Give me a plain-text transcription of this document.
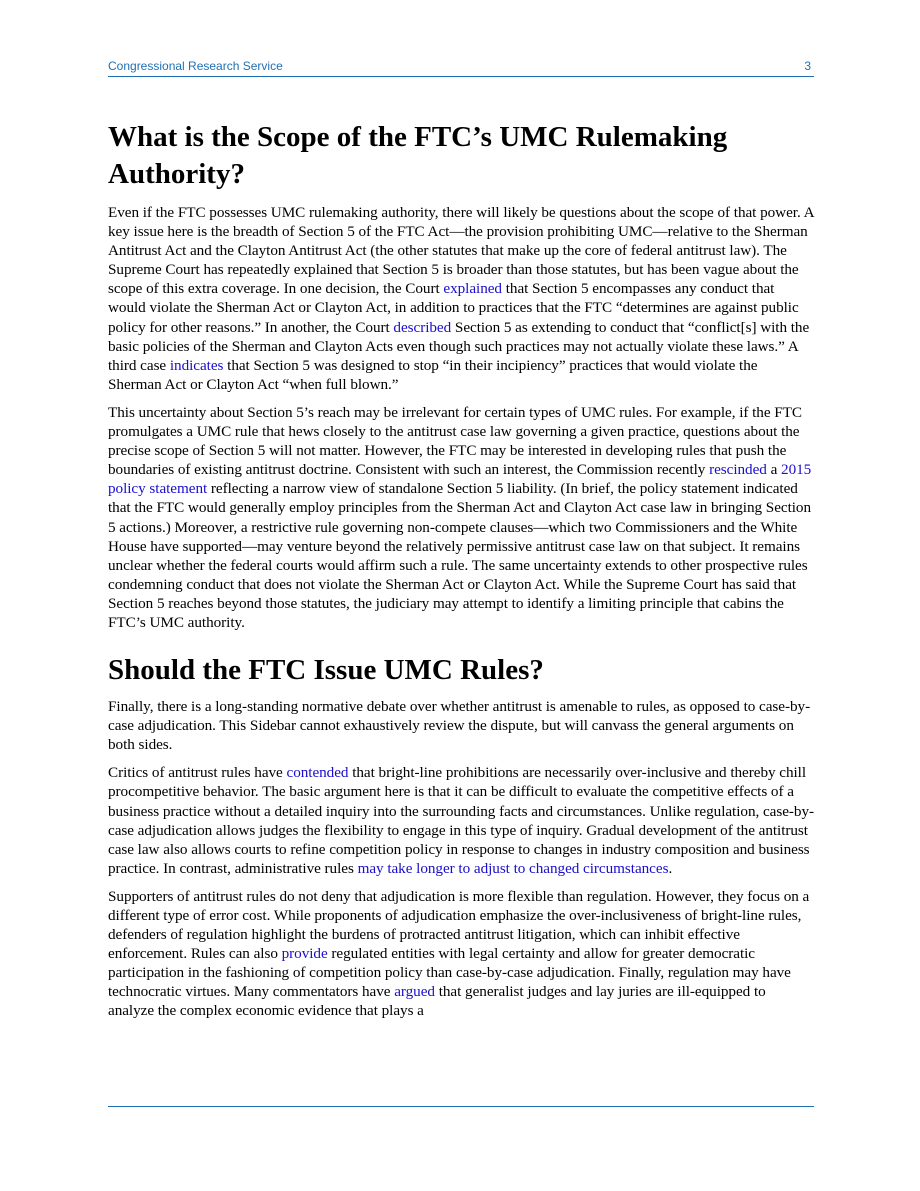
Congressional Research Service	3
What is the Scope of the FTC’s UMC Rulemaking Authority?

Even if the FTC possesses UMC rulemaking authority, there will likely be questions about the scope of that power. A key issue here is the breadth of Section 5 of the FTC Act—the provision prohibiting UMC—relative to the Sherman Antitrust Act and the Clayton Antitrust Act (the other statutes that make up the core of federal antitrust law). The Supreme Court has repeatedly explained that Section 5 is broader than those statutes, but has been vague about the scope of this extra coverage. In one decision, the Court explained that Section 5 encompasses any conduct that would violate the Sherman Act or Clayton Act, in addition to practices that the FTC “determines are against public policy for other reasons.” In another, the Court described Section 5 as extending to conduct that “conflict[s] with the basic policies of the Sherman and Clayton Acts even though such practices may not actually violate these laws.” A third case indicates that Section 5 was designed to stop “in their incipiency” practices that would violate the Sherman Act or Clayton Act “when full blown.”

This uncertainty about Section 5’s reach may be irrelevant for certain types of UMC rules. For example, if the FTC promulgates a UMC rule that hews closely to the antitrust case law governing a given practice, questions about the precise scope of Section 5 will not matter. However, the FTC may be interested in developing rules that push the boundaries of existing antitrust doctrine. Consistent with such an interest, the Commission recently rescinded a 2015 policy statement reflecting a narrow view of standalone Section 5 liability. (In brief, the policy statement indicated that the FTC would generally employ principles from the Sherman Act and Clayton Act case law in bringing Section 5 actions.) Moreover, a restrictive rule governing non-compete clauses—which two Commissioners and the White House have supported—may venture beyond the relatively permissive antitrust case law on that subject. It remains unclear whether the federal courts would affirm such a rule. The same uncertainty extends to other prospective rules condemning conduct that does not violate the Sherman Act or Clayton Act. While the Supreme Court has said that Section 5 reaches beyond those statutes, the judiciary may attempt to identify a limiting principle that cabins the FTC’s UMC authority.

Should the FTC Issue UMC Rules?

Finally, there is a long-standing normative debate over whether antitrust is amenable to rules, as opposed to case-by-case adjudication. This Sidebar cannot exhaustively review the dispute, but will canvass the general arguments on both sides.

Critics of antitrust rules have contended that bright-line prohibitions are necessarily over-inclusive and thereby chill procompetitive behavior. The basic argument here is that it can be difficult to evaluate the competitive effects of a business practice without a detailed inquiry into the surrounding facts and circumstances. Unlike regulation, case-by-case adjudication allows judges the flexibility to engage in this type of inquiry. Gradual development of the antitrust case law also allows courts to refine competition policy in response to changes in industry composition and business practice. In contrast, administrative rules may take longer to adjust to changed circumstances.

Supporters of antitrust rules do not deny that adjudication is more flexible than regulation. However, they focus on a different type of error cost. While proponents of adjudication emphasize the over-inclusiveness of bright-line rules, defenders of regulation highlight the burdens of protracted antitrust litigation, which can inhibit effective enforcement. Rules can also provide regulated entities with legal certainty and allow for greater democratic participation in the fashioning of competition policy than case-by-case adjudication. Finally, regulation may have technocratic virtues. Many commentators have argued that generalist judges and lay juries are ill-equipped to analyze the complex economic evidence that plays a
